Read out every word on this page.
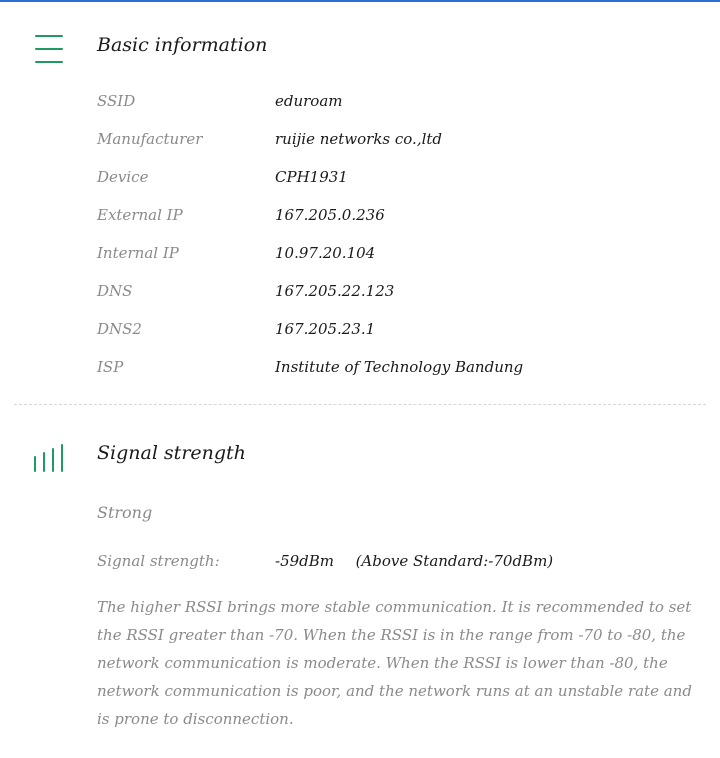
Basic information
SSID	eduroam
Manufacturer	ruijie networks co.,ltd
Device	CPH1931
External IP	167.205.0.236
Internal IP	10.97.20.104
DNS	167.205.22.123
DNS2	167.205.23.1
ISP	Institute of Technology Bandung
Signal strength
Strong
Signal strength:	-59dBm (Above Standard:-70dBm)
The higher RSSI brings more stable communication. It is recommended to set the RSSI greater than -70. When the RSSI is in the range from -70 to -80, the network communication is moderate. When the RSSI is lower than -80, the network communication is poor, and the network runs at an unstable rate and is prone to disconnection.
